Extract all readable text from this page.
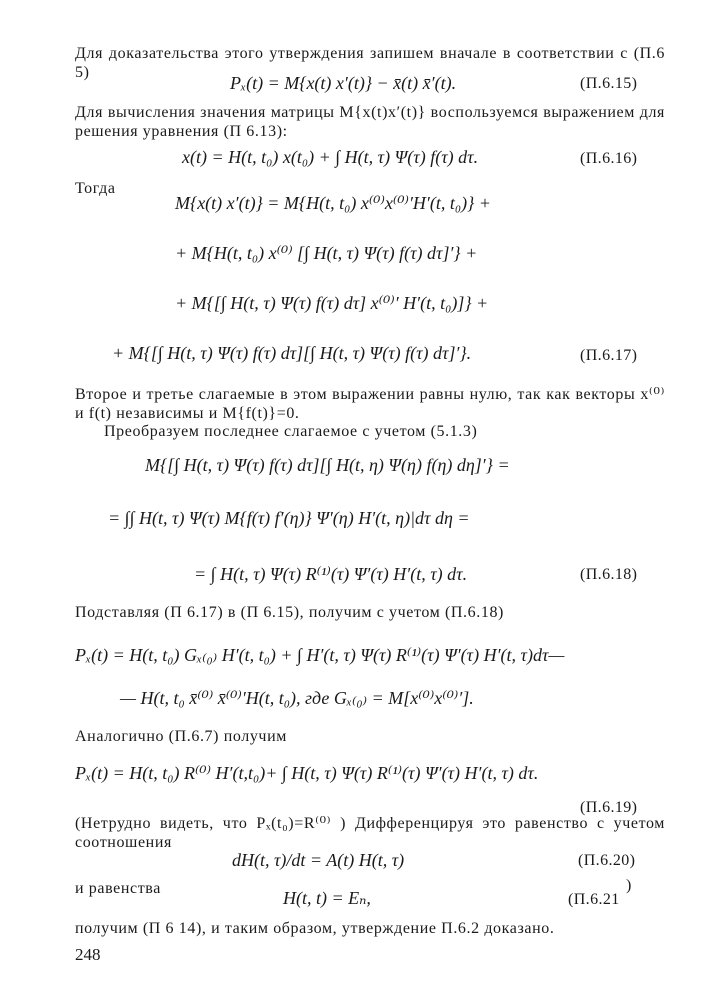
Для доказательства этого утверждения запишем вначале в соответствии с (П.6 5)
Pₓ(t) = M{x(t) x′(t)} − x̄(t) x̄′(t).	(П.6.15)
Для вычисления значения матрицы M{x(t)x′(t)} воспользуемся выражением для решения уравнения (П 6.13):
x(t) = H(t, t₀) x(t₀) + ∫ H(t, τ) Ψ(τ) f(τ) dτ.	(П.6.16)
Тогда
M{x(t) x′(t)} = M{H(t, t₀) x⁽⁰⁾x⁽⁰⁾′H′(t, t₀)} +
+ M{H(t, t₀) x⁽⁰⁾ [∫ H(t, τ) Ψ(τ) f(τ) dτ]′} +
+ M{[∫ H(t, τ) Ψ(τ) f(τ) dτ] x⁽⁰⁾′ H′(t, t₀)]} +
+ M{[∫ H(t, τ) Ψ(τ) f(τ) dτ][∫ H(t, τ) Ψ(τ) f(τ) dτ]′}.	(П.6.17)
Второе и третье слагаемые в этом выражении равны нулю, так как векторы x⁽⁰⁾ и f(t) независимы и M{f(t)}=0.
Преобразуем последнее слагаемое с учетом (5.1.3)
M{[∫ H(t, τ) Ψ(τ) f(τ) dτ][∫ H(t, η) Ψ(η) f(η) dη]′} =
= ∫∫ H(t, τ) Ψ(τ) M{f(τ) f′(η)} Ψ′(η) H′(t, η)|dτ dη =
= ∫ H(t, τ) Ψ(τ) R⁽¹⁾(τ) Ψ′(τ) H′(t, τ) dτ.	(П.6.18)
Подставляя (П 6.17) в (П 6.15), получим с учетом (П.6.18)
Pₓ(t) = H(t, t₀) Gₓ₍₀₎ H′(t, t₀) + ∫ H′(t, τ) Ψ(τ) R⁽¹⁾(τ) Ψ′(τ) H′(t, τ)dτ—
— H(t, t₀ x̄⁽⁰⁾ x̄⁽⁰⁾′H(t, t₀), где Gₓ₍₀₎ = M[x⁽⁰⁾x⁽⁰⁾′].
Аналогично (П.6.7) получим
Pₓ(t) = H(t, t₀) R⁽⁰⁾ H′(t,t₀)+ ∫ H(t, τ) Ψ(τ) R⁽¹⁾(τ) Ψ′(τ) H′(t, τ) dτ.
(П.6.19)
(Нетрудно видеть, что Pₓ(t₀)=R⁽⁰⁾ ) Дифференцируя это равенство с учетом соотношения
dH(t, τ)/dt = A(t) H(t, τ)	(П.6.20)
и равенства	H(t, t) = Eₙ,	(П.6.21
)
получим (П 6 14), и таким образом, утверждение П.6.2 доказано.
248
